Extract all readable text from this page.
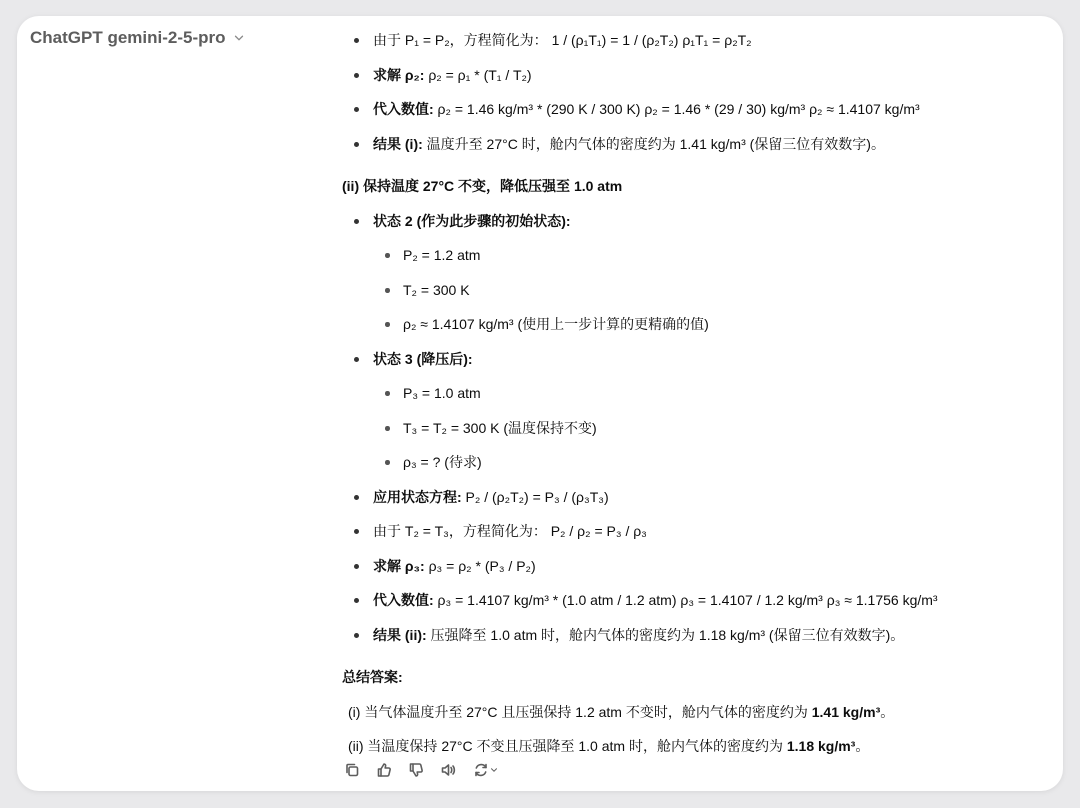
ChatGPT gemini-2-5-pro	由于 P₁ = P₂，方程简化为： 1 / (ρ₁T₁) = 1 / (ρ₂T₂) ρ₁T₁ = ρ₂T₂
求解 ρ₂: ρ₂ = ρ₁ * (T₁ / T₂)
代入数值: ρ₂ = 1.46 kg/m³ * (290 K / 300 K) ρ₂ = 1.46 * (29 / 30) kg/m³ ρ₂ ≈ 1.4107 kg/m³
结果 (i): 温度升至 27°C 时，舱内气体的密度约为 1.41 kg/m³ (保留三位有效数字)。
(ii) 保持温度 27°C 不变，降低压强至 1.0 atm
状态 2 (作为此步骤的初始状态):
P₂ = 1.2 atm
T₂ = 300 K
ρ₂ ≈ 1.4107 kg/m³ (使用上一步计算的更精确的值)
状态 3 (降压后):
P₃ = 1.0 atm
T₃ = T₂ = 300 K (温度保持不变)
ρ₃ = ? (待求)
应用状态方程: P₂ / (ρ₂T₂) = P₃ / (ρ₃T₃)
由于 T₂ = T₃，方程简化为： P₂ / ρ₂ = P₃ / ρ₃
求解 ρ₃: ρ₃ = ρ₂ * (P₃ / P₂)
代入数值: ρ₃ = 1.4107 kg/m³ * (1.0 atm / 1.2 atm) ρ₃ = 1.4107 / 1.2 kg/m³ ρ₃ ≈ 1.1756 kg/m³
结果 (ii): 压强降至 1.0 atm 时，舱内气体的密度约为 1.18 kg/m³ (保留三位有效数字)。
总结答案:
(i) 当气体温度升至 27°C 且压强保持 1.2 atm 不变时，舱内气体的密度约为 1.41 kg/m³。
(ii) 当温度保持 27°C 不变且压强降至 1.0 atm 时，舱内气体的密度约为 1.18 kg/m³。
